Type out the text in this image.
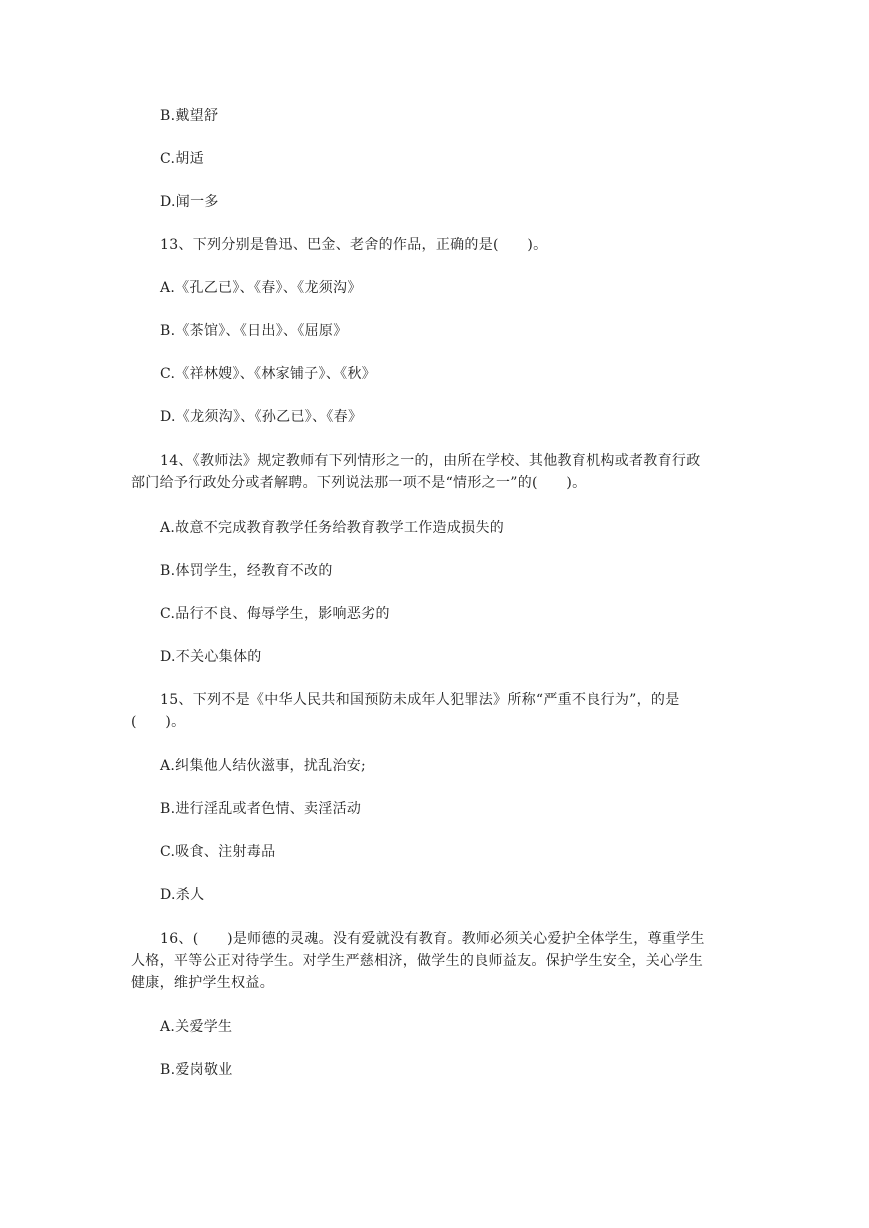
B.戴望舒
C.胡适
D.闻一多
13、下列分别是鲁迅、巴金、老舍的作品，正确的是(　　)。
A.《孔乙已》、《春》、《龙须沟》
B.《茶馆》、《日出》、《屈原》
C.《祥林嫂》、《林家铺子》、《秋》
D.《龙须沟》、《孙乙已》、《春》
14、《教师法》规定教师有下列情形之一的，由所在学校、其他教育机构或者教育行政
部门给予行政处分或者解聘。下列说法那一项不是“情形之一”的(　　)。
A.故意不完成教育教学任务给教育教学工作造成损失的
B.体罚学生，经教育不改的
C.品行不良、侮辱学生，影响恶劣的
D.不关心集体的
15、下列不是《中华人民共和国预防未成年人犯罪法》所称“严重不良行为”，的是
(　　)。
A.纠集他人结伙滋事，扰乱治安;
B.进行淫乱或者色情、卖淫活动
C.吸食、注射毒品
D.杀人
16、(　　)是师德的灵魂。没有爱就没有教育。教师必须关心爱护全体学生，尊重学生
人格，平等公正对待学生。对学生严慈相济，做学生的良师益友。保护学生安全，关心学生
健康，维护学生权益。
A.关爱学生
B.爱岗敬业
